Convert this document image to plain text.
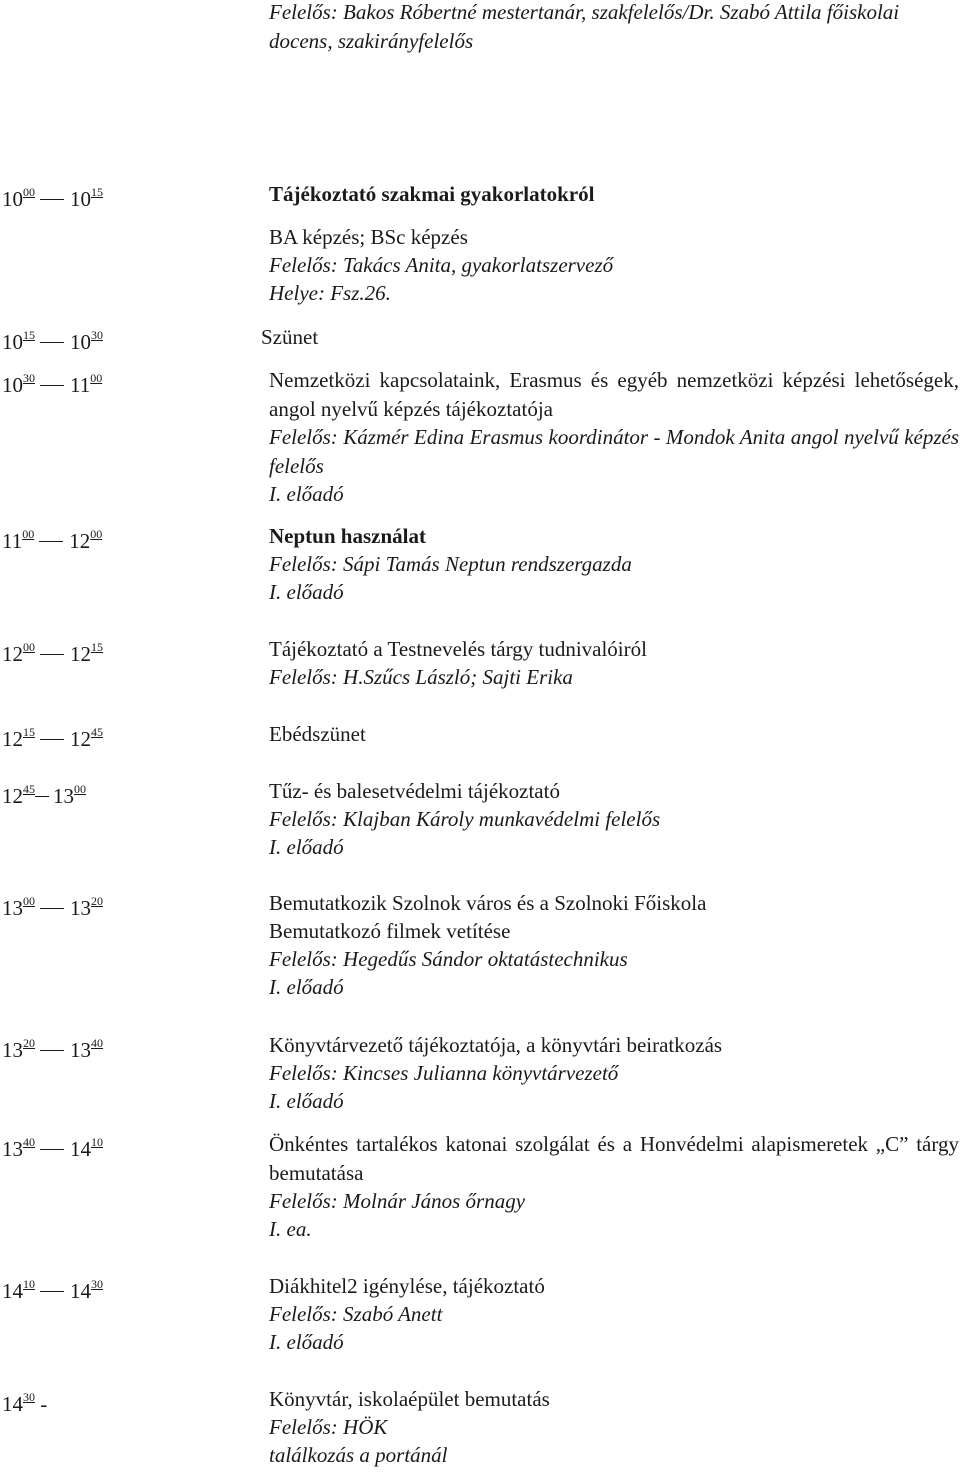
Felelős: Bakos Róbertné mestertanár, szakfelelős/Dr. Szabó Attila főiskolai
docens, szakirányfelelős
$10^{00}$ $10^{15}$	Tájékoztató szakmai gyakorlatokról
BA képzés; BSc képzés
Felelős: Takács Anita, gyakorlatszervező
Helye: Fsz.26.
$10^{15}$ $10^{30}$	Szünet
$10^{30}$ $11^{00}$	Nemzetközi kapcsolataink, Erasmus és egyéb nemzetközi képzési lehetőségek, angol nyelvű képzés tájékoztatója
Felelős: Kázmér Edina Erasmus koordinátor - Mondok Anita angol nyelvű képzés felelős
I. előadó
$11^{00}$ $12^{00}$	Neptun használat
Felelős: Sápi Tamás Neptun rendszergazda
I. előadó
$12^{00}$ $12^{15}$	Tájékoztató a Testnevelés tárgy tudnivalóiról
Felelős: H.Szűcs László; Sajti Erika
$12^{15}$ $12^{45}$	Ebédszünet
$12^{45}$ $13^{00}$	Tűz- és balesetvédelmi tájékoztató
Felelős: Klajban Károly munkavédelmi felelős
I. előadó
$13^{00}$ $13^{20}$	Bemutatkozik Szolnok város és a Szolnoki Főiskola
Bemutatkozó filmek vetítése
Felelős: Hegedűs Sándor oktatástechnikus
I. előadó
$13^{20}$ $13^{40}$	Könyvtárvezető tájékoztatója, a könyvtári beiratkozás
Felelős: Kincses Julianna könyvtárvezető
I. előadó
$13^{40}$ $14^{10}$	Önkéntes tartalékos katonai szolgálat és a Honvédelmi alapismeretek „C” tárgy bemutatása
Felelős: Molnár János őrnagy
I. ea.
$14^{10}$ $14^{30}$	Diákhitel2 igénylése, tájékoztató
Felelős: Szabó Anett
I. előadó
$14^{30}$ -	Könyvtár, iskolaépület bemutatás
Felelős: HÖK
találkozás a portánál
